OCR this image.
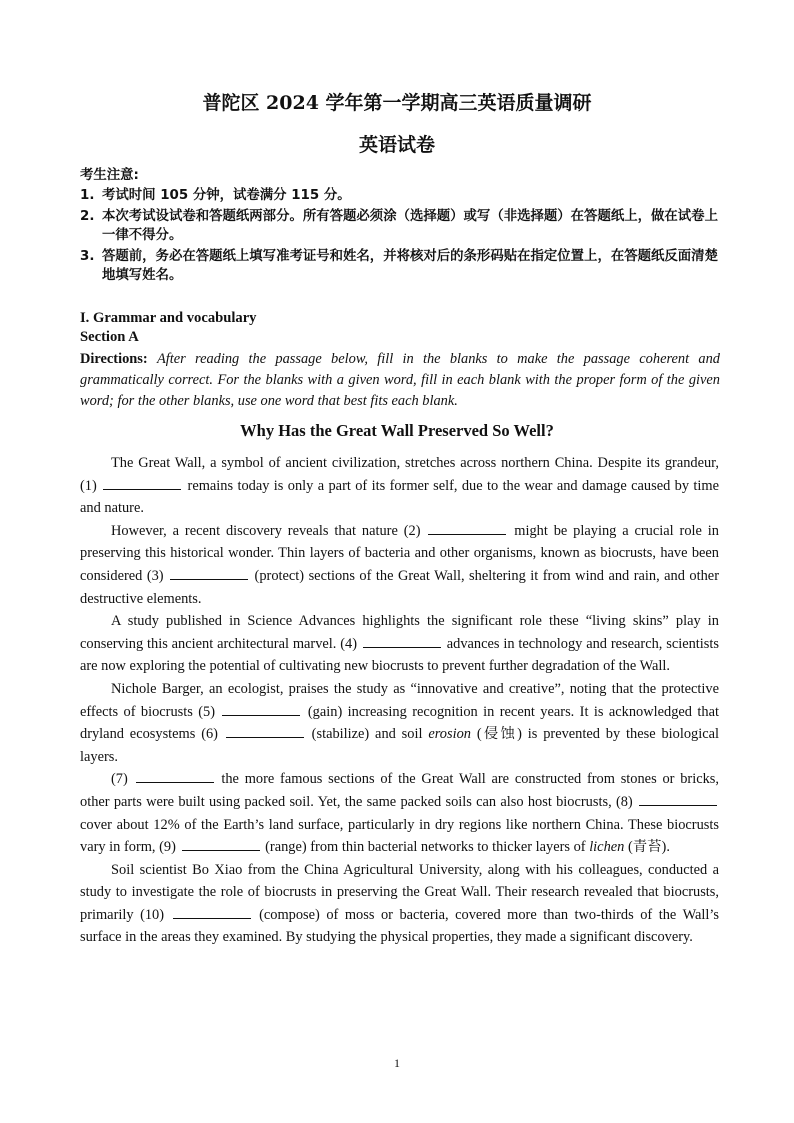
普陀区 2024 学年第一学期高三英语质量调研
英语试卷
考生注意:
1. 考试时间 105 分钟，试卷满分 115 分。
2. 本次考试设试卷和答题纸两部分。所有答题必须涂（选择题）或写（非选择题）在答题纸上，做在试卷上一律不得分。
3. 答题前，务必在答题纸上填写准考证号和姓名，并将核对后的条形码贴在指定位置上，在答题纸反面清楚地填写姓名。
I. Grammar and vocabulary
Section A
Directions: After reading the passage below, fill in the blanks to make the passage coherent and grammatically correct. For the blanks with a given word, fill in each blank with the proper form of the given word; for the other blanks, use one word that best fits each blank.
Why Has the Great Wall Preserved So Well?

The Great Wall, a symbol of ancient civilization, stretches across northern China. Despite its grandeur, (1)	remains today is only a part of its former self, due to the wear and damage caused by time and nature.

However, a recent discovery reveals that nature (2)	might be playing a crucial role in preserving this historical wonder. Thin layers of bacteria and other organisms, known as biocrusts, have been considered (3)	(protect) sections of the Great Wall, sheltering it from wind and rain, and other destructive elements.

A study published in Science Advances highlights the significant role these “living skins” play in conserving this ancient architectural marvel. (4)	advances in technology and research, scientists are now exploring the potential of cultivating new biocrusts to prevent further degradation of the Wall.

Nichole Barger, an ecologist, praises the study as “innovative and creative”, noting that the protective effects of biocrusts (5)	(gain) increasing recognition in recent years. It is acknowledged that dryland ecosystems (6)	(stabilize) and soil erosion (侵蚀) is prevented by these biological layers.

(7)	the more famous sections of the Great Wall are constructed from stones or bricks, other parts were built using packed soil. Yet, the same packed soils can also host biocrusts, (8)  cover about 12% of the Earth’s land surface, particularly in dry regions like northern China. These biocrusts vary in form, (9)	(range) from thin bacterial networks to thicker layers of lichen (青苔).

Soil scientist Bo Xiao from the China Agricultural University, along with his colleagues, conducted a study to investigate the role of biocrusts in preserving the Great Wall. Their research revealed that biocrusts, primarily (10)	(compose) of moss or bacteria, covered more than two-thirds of the Wall’s surface in the areas they examined. By studying the physical properties, they made a significant discovery.

1
